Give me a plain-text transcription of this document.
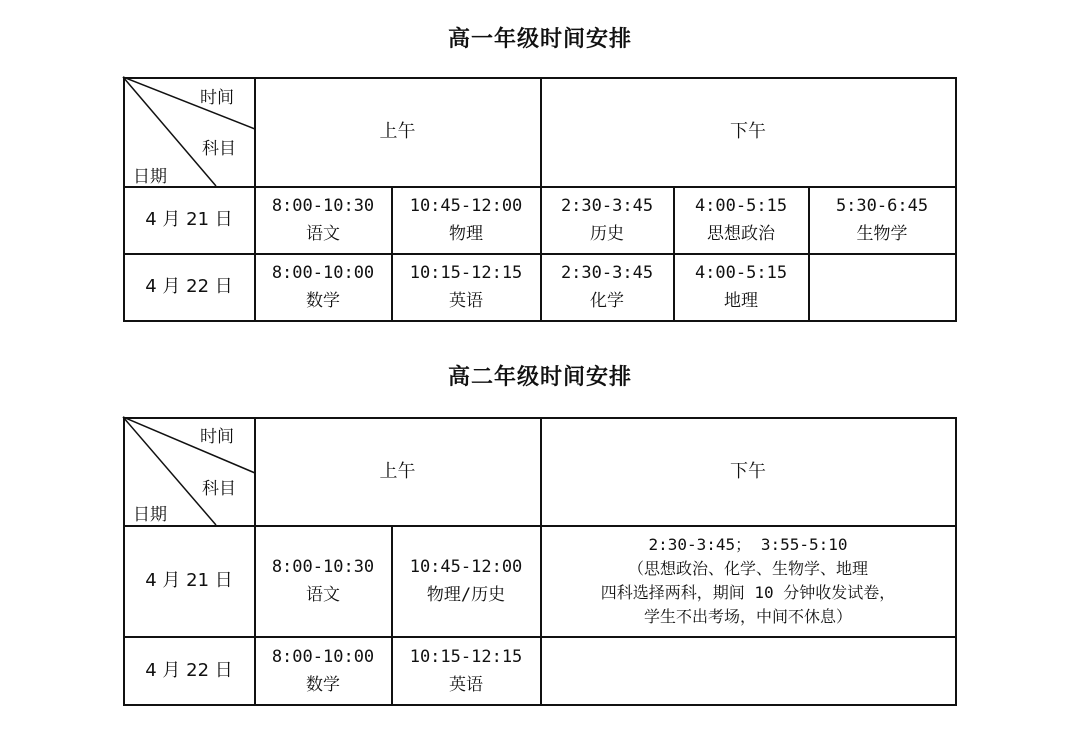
高一年级时间安排
时间
科目
日期
上午	下午
4 月 21 日
8:00-10:30
语文
10:45-12:00
物理
2:30-3:45
历史
4:00-5:15
思想政治
5:30-6:45
生物学
4 月 22 日
8:00-10:00
数学
10:15-12:15
英语
2:30-3:45
化学
4:00-5:15
地理
高二年级时间安排
时间
科目
日期
上午	下午
4 月 21 日
8:00-10:30
语文
10:45-12:00
物理/历史
2:30-3:45； 3:55-5:10
（思想政治、化学、生物学、地理
四科选择两科，期间 10 分钟收发试卷，
学生不出考场，中间不休息）
4 月 22 日
8:00-10:00
数学
10:15-12:15
英语
